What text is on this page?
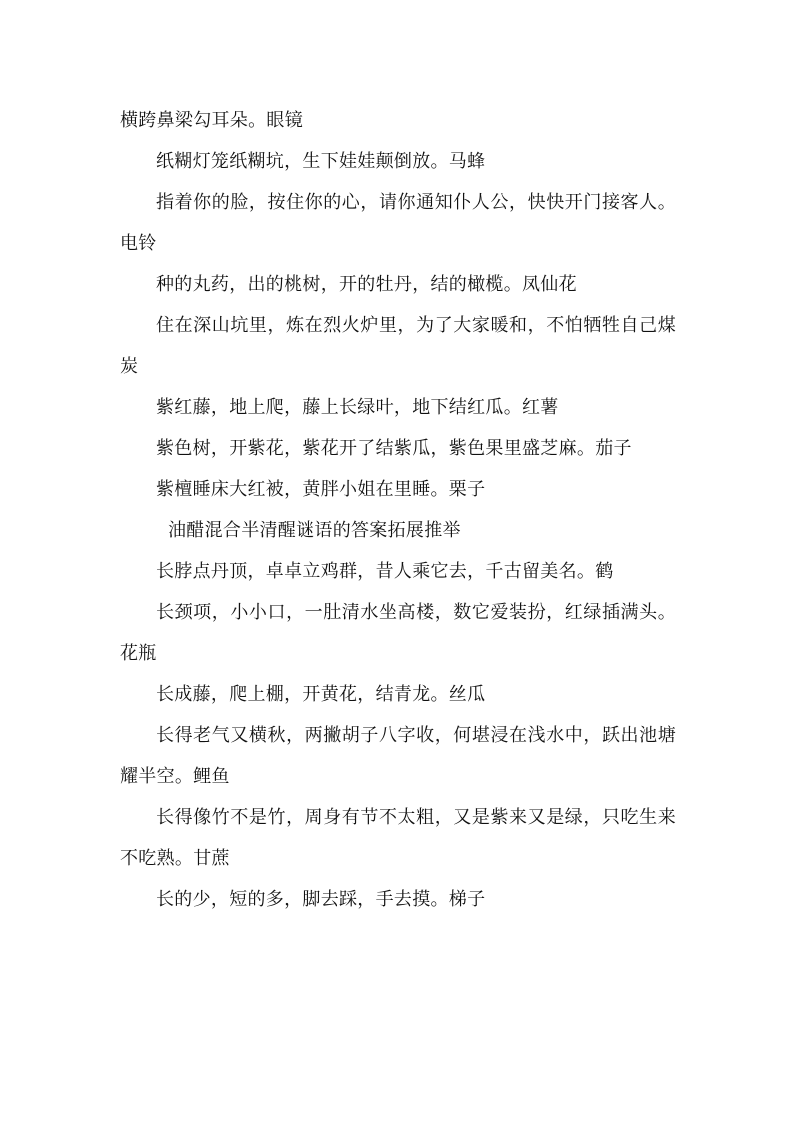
横跨鼻梁勾耳朵。眼镜

纸糊灯笼纸糊坑，生下娃娃颠倒放。马蜂

指着你的脸，按住你的心，请你通知仆人公，快快开门接客人。电铃

种的丸药，出的桃树，开的牡丹，结的橄榄。凤仙花

住在深山坑里，炼在烈火炉里，为了大家暖和，不怕牺牲自己煤炭

紫红藤，地上爬，藤上长绿叶，地下结红瓜。红薯

紫色树，开紫花，紫花开了结紫瓜，紫色果里盛芝麻。茄子

紫檀睡床大红被，黄胖小姐在里睡。栗子

油醋混合半清醒谜语的答案拓展推举

长脖点丹顶，卓卓立鸡群，昔人乘它去，千古留美名。鹤

长颈项，小小口，一肚清水坐高楼，数它爱装扮，红绿插满头。花瓶

长成藤，爬上棚，开黄花，结青龙。丝瓜

长得老气又横秋，两撇胡子八字收，何堪浸在浅水中，跃出池塘耀半空。鲤鱼

长得像竹不是竹，周身有节不太粗，又是紫来又是绿，只吃生来不吃熟。甘蔗

长的少，短的多，脚去踩，手去摸。梯子
